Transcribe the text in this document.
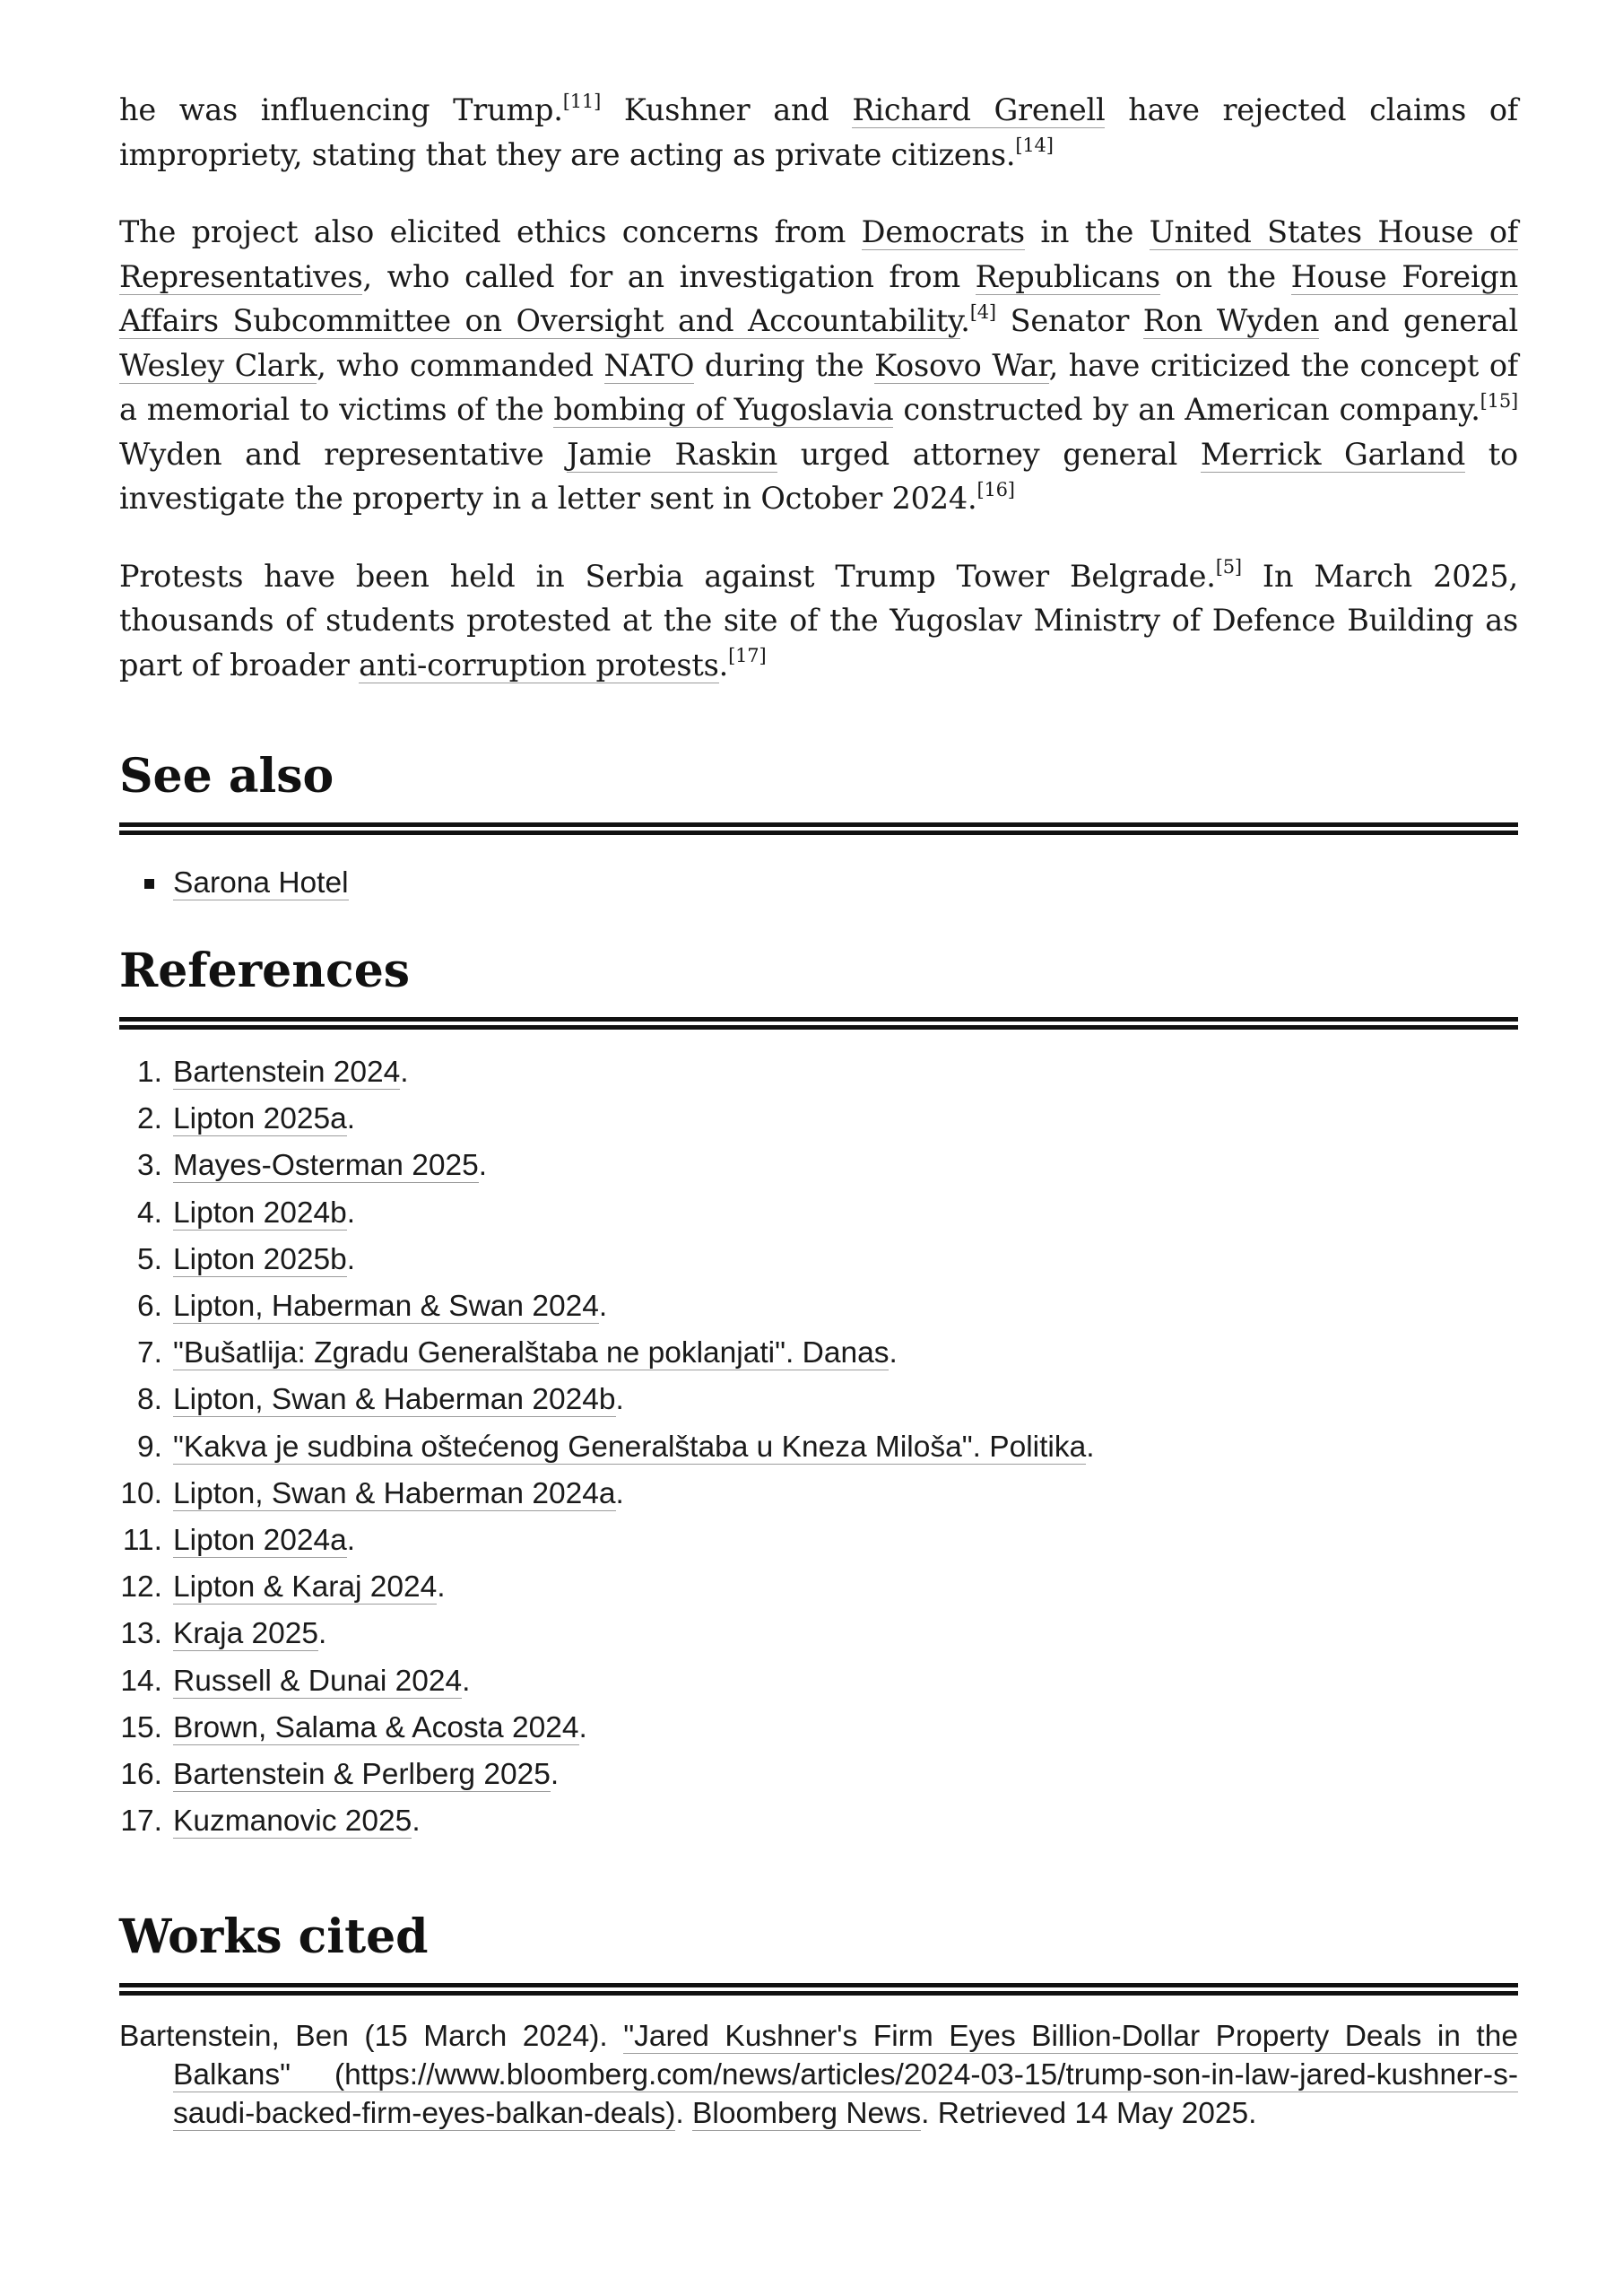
he was influencing Trump.[11] Kushner and Richard Grenell have rejected claims of impropriety, stating that they are acting as private citizens.[14]

The project also elicited ethics concerns from Democrats in the United States House of Representatives, who called for an investigation from Republicans on the House Foreign Affairs Subcommittee on Oversight and Accountability.[4] Senator Ron Wyden and general Wesley Clark, who commanded NATO during the Kosovo War, have criticized the concept of a memorial to victims of the bombing of Yugoslavia constructed by an American company.[15] Wyden and representative Jamie Raskin urged attorney general Merrick Garland to investigate the property in a letter sent in October 2024.[16]

Protests have been held in Serbia against Trump Tower Belgrade.[5] In March 2025, thousands of students protested at the site of the Yugoslav Ministry of Defence Building as part of broader anti-corruption protests.[17]

See also
Sarona Hotel
References
1. Bartenstein 2024.
2. Lipton 2025a.
3. Mayes-Osterman 2025.
4. Lipton 2024b.
5. Lipton 2025b.
6. Lipton, Haberman & Swan 2024.
7. "Bušatlija: Zgradu Generalštaba ne poklanjati". Danas.
8. Lipton, Swan & Haberman 2024b.
9. "Kakva je sudbina oštećenog Generalštaba u Kneza Miloša". Politika.
10. Lipton, Swan & Haberman 2024a.
11. Lipton 2024a.
12. Lipton & Karaj 2024.
13. Kraja 2025.
14. Russell & Dunai 2024.
15. Brown, Salama & Acosta 2024.
16. Bartenstein & Perlberg 2025.
17. Kuzmanovic 2025.
Works cited
Bartenstein, Ben (15 March 2024). "Jared Kushner's Firm Eyes Billion-Dollar Property Deals in the Balkans" (https://www.bloomberg.com/news/articles/2024-03-15/trump-son-in-law-jared-kushner-s-saudi-backed-firm-eyes-balkan-deals). Bloomberg News. Retrieved 14 May 2025.
